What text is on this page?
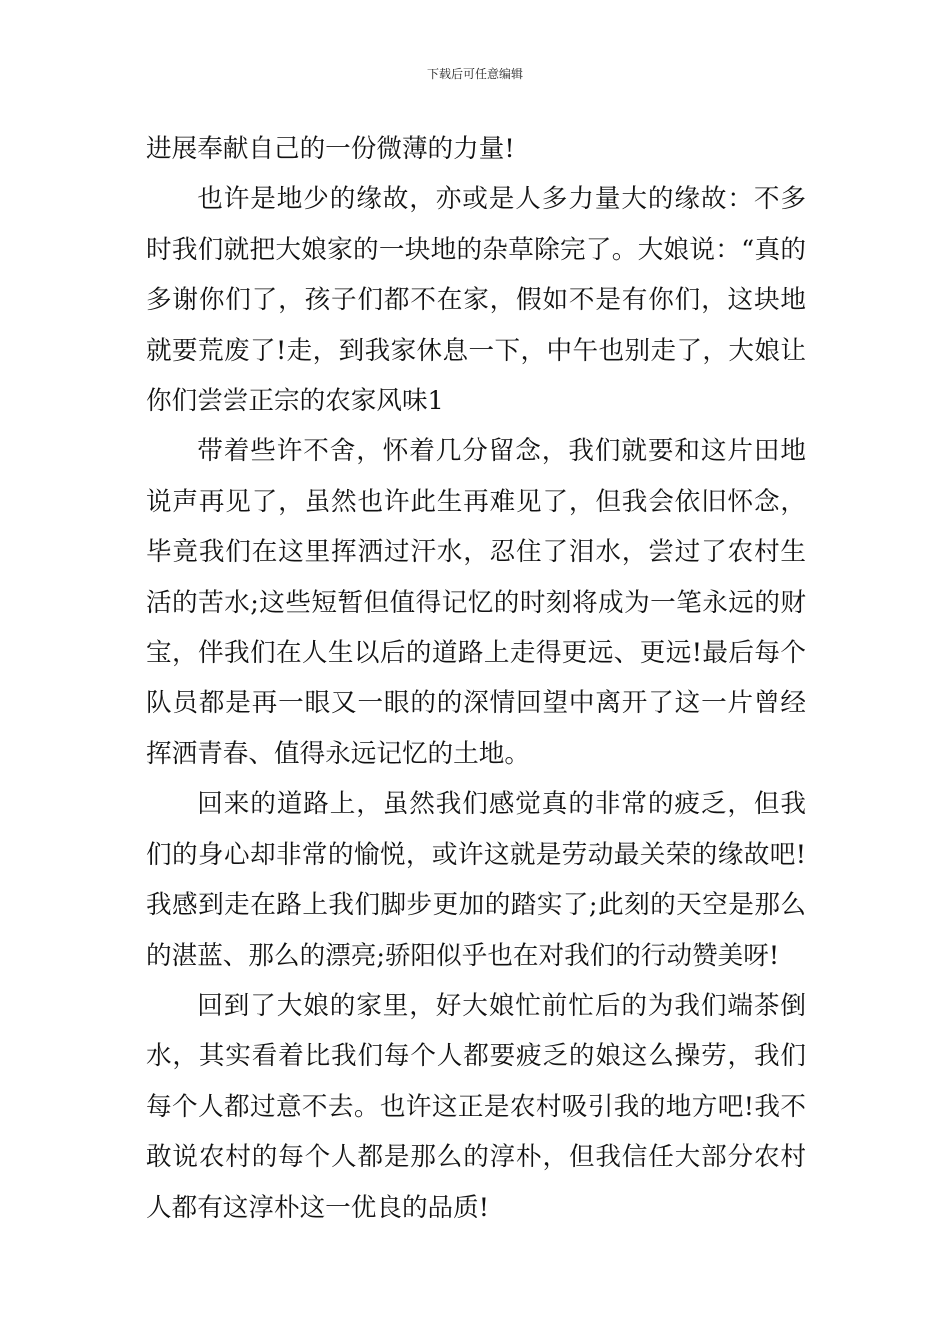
下载后可任意编辑

进展奉献自己的一份微薄的力量!

也许是地少的缘故，亦或是人多力量大的缘故：不多时我们就把大娘家的一块地的杂草除完了。大娘说：“真的多谢你们了，孩子们都不在家，假如不是有你们，这块地就要荒废了!走，到我家休息一下，中午也别走了，大娘让你们尝尝正宗的农家风味1

带着些许不舍，怀着几分留念，我们就要和这片田地说声再见了，虽然也许此生再难见了，但我会依旧怀念，毕竟我们在这里挥洒过汗水，忍住了泪水，尝过了农村生活的苦水;这些短暂但值得记忆的时刻将成为一笔永远的财宝，伴我们在人生以后的道路上走得更远、更远!最后每个队员都是再一眼又一眼的的深情回望中离开了这一片曾经挥洒青春、值得永远记忆的土地。

回来的道路上，虽然我们感觉真的非常的疲乏，但我们的身心却非常的愉悦，或许这就是劳动最关荣的缘故吧!我感到走在路上我们脚步更加的踏实了;此刻的天空是那么的湛蓝、那么的漂亮;骄阳似乎也在对我们的行动赞美呀!

回到了大娘的家里，好大娘忙前忙后的为我们端茶倒水，其实看着比我们每个人都要疲乏的娘这么操劳，我们每个人都过意不去。也许这正是农村吸引我的地方吧!我不敢说农村的每个人都是那么的淳朴，但我信任大部分农村人都有这淳朴这一优良的品质!
